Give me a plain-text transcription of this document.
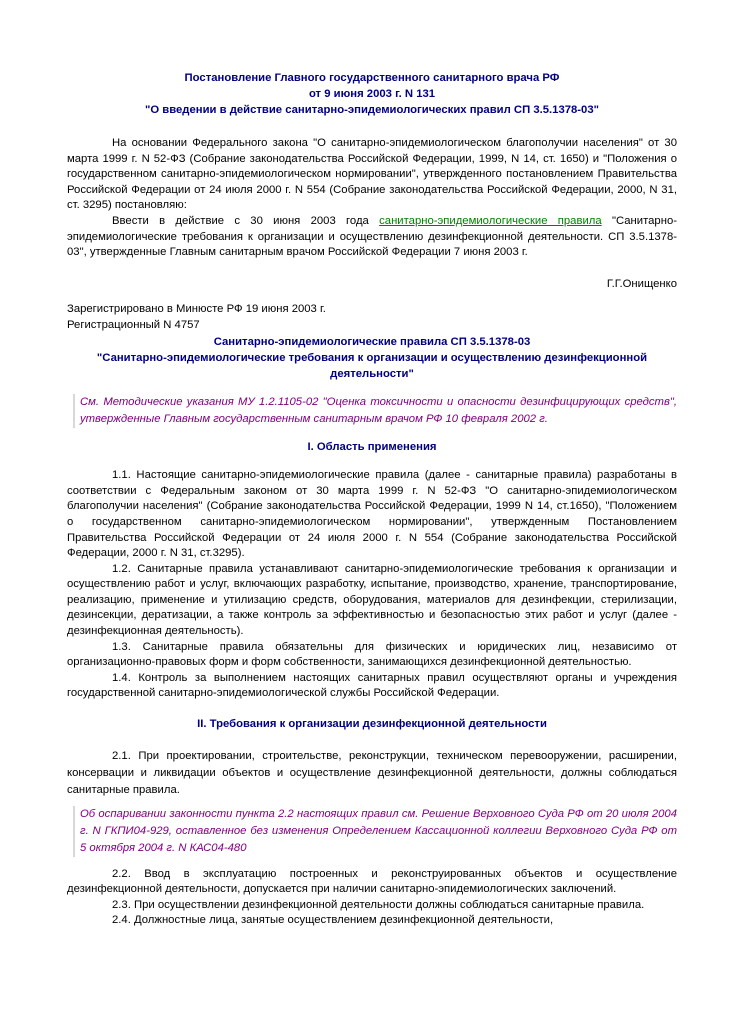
Постановление Главного государственного санитарного врача РФ
от 9 июня 2003 г. N 131
"О введении в действие санитарно-эпидемиологических правил СП 3.5.1378-03"

На основании Федерального закона "О санитарно-эпидемиологическом благополучии населения" от 30 марта 1999 г. N 52-ФЗ (Собрание законодательства Российской Федерации, 1999, N 14, ст. 1650) и "Положения о государственном санитарно-эпидемиологическом нормировании", утвержденного постановлением Правительства Российской Федерации от 24 июля 2000 г. N 554 (Собрание законодательства Российской Федерации, 2000, N 31, ст. 3295) постановляю:

Ввести в действие с 30 июня 2003 года санитарно-эпидемиологические правила "Санитарно-эпидемиологические требования к организации и осуществлению дезинфекционной деятельности. СП 3.5.1378-03", утвержденные Главным санитарным врачом Российской Федерации 7 июня 2003 г.

Г.Г.Онищенко

Зарегистрировано в Минюсте РФ 19 июня 2003 г.

Регистрационный N 4757

Санитарно-эпидемиологические правила СП 3.5.1378-03
"Санитарно-эпидемиологические требования к организации и осуществлению дезинфекционной деятельности"
См. Методические указания МУ 1.2.1105-02 "Оценка токсичности и опасности дезинфицирующих средств", утвержденные Главным государственным санитарным врачом РФ 10 февраля 2002 г.
I. Область применения

1.1. Настоящие санитарно-эпидемиологические правила (далее - санитарные правила) разработаны в соответствии с Федеральным законом от 30 марта 1999 г. N 52-ФЗ "О санитарно-эпидемиологическом благополучии населения" (Собрание законодательства Российской Федерации, 1999 N 14, ст.1650), "Положением о государственном санитарно-эпидемиологическом нормировании", утвержденным Постановлением Правительства Российской Федерации от 24 июля 2000 г. N 554 (Собрание законодательства Российской Федерации, 2000 г. N 31, ст.3295).

1.2. Санитарные правила устанавливают санитарно-эпидемиологические требования к организации и осуществлению работ и услуг, включающих разработку, испытание, производство, хранение, транспортирование, реализацию, применение и утилизацию средств, оборудования, материалов для дезинфекции, стерилизации, дезинсекции, дератизации, а также контроль за эффективностью и безопасностью этих работ и услуг (далее - дезинфекционная деятельность).

1.3. Санитарные правила обязательны для физических и юридических лиц, независимо от организационно-правовых форм и форм собственности, занимающихся дезинфекционной деятельностью.

1.4. Контроль за выполнением настоящих санитарных правил осуществляют органы и учреждения государственной санитарно-эпидемиологической службы Российской Федерации.

II. Требования к организации дезинфекционной деятельности

2.1. При проектировании, строительстве, реконструкции, техническом перевооружении, расширении, консервации и ликвидации объектов и осуществление дезинфекционной деятельности, должны соблюдаться санитарные правила.

Об оспаривании законности пункта 2.2 настоящих правил см. Решение Верховного Суда РФ от 20 июля 2004 г. N ГКПИ04-929, оставленное без изменения Определением Кассационной коллегии Верховного Суда РФ от 5 октября 2004 г. N КАС04-480

2.2. Ввод в эксплуатацию построенных и реконструированных объектов и осуществление дезинфекционной деятельности, допускается при наличии санитарно-эпидемиологических заключений.

2.3. При осуществлении дезинфекционной деятельности должны соблюдаться санитарные правила.

2.4. Должностные лица, занятые осуществлением дезинфекционной деятельности,
